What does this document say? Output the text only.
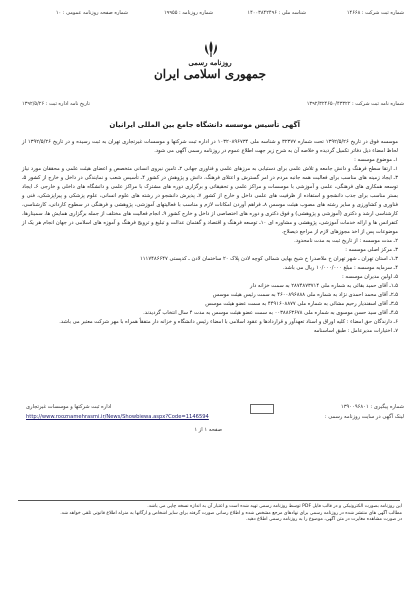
شماره ثبت شرکت : ۱۴۶۶۸
شناسه ملی : ۱۴۰۰۳۸۴۲۴۹۶
شماره روزنامه : ۱۹۹۵۵
شماره صفحه روزنامه عمومی : ۱۰
روزنامه رسمی
جمهوری اسلامی ایران
شماره نامه ثبت شرکت : ۱۳۹۲/۳۲۴۶۵۰/۴۳۳۲۲
تاریخ نامه اداره ثبت : ۱۳۹۲/۵/۲۶
آگهی تأسیس موسسه دانشگاه جامع بین المللی ایرانیان

موسسه فوق در تاریخ ۱۳۹۲/۵/۲۶ تحت شماره ۳۲۳۷۷ و شناسه ملی ۱۰۳۲۰۸۹۶۷۳۴ در اداره ثبت شرکتها و موسسات غیرتجاری تهران به ثبت رسیده و در تاریخ ۱۳۹۲/۵/۲۶ از لحاظ امضاء ذیل دفاتر تکمیل گردیده و خلاصه آن به شرح زیر جهت اطلاع عموم در روزنامه رسمی آگهی می شود.

۱ـ موضوع موسسه :

۱ـ ارتقا سطح فرهنگ و دانش جامعه و تلاش علمی برای دستیابی به مرزهای علمی و فناوری جهانی ۲ـ تامین نیروی انسانی متخصص و اعضای هیئت علمی و محققان مورد نیاز ۳ـ ایجاد زمینه های مناسب برای فعالیت همه جانبه مردم در امر گسترش و اعتلای فرهنگ، دانش و پژوهش در کشور ۴ـ تأسیس شعب و نمایندگی در داخل و خارج از کشور ۵ـ توسعه همکاری های فرهنگی، علمی و آموزشی با موسسات و مراکز علمی و تحقیقاتی و برگزاری دوره های مشترک با مراکز علمی و دانشگاه های داخلی و خارجی ۶ـ ایجاد بستر مناسب برای جذب دانشجو و استفاده از ظرفیت های علمی داخل و خارج از کشور ۷ـ پذیرش دانشجو در رشته های علوم انسانی، علوم پزشکی و پیراپزشکی، فنی و فناوری و کشاورزی و سایر رشته های مصوب هیئت موسس ۸ـ فراهم آوردن امکانات لازم و مناسب با فعالیتهای آموزشی، پژوهشی و فرهنگی در سطوح کاردانی، کارشناسی، کارشناسی ارشد و دکتری (آموزشی و پژوهشی) و فوق دکتری و دوره های اختصاصی از داخل و خارج کشور ۹ـ انجام فعالیت های مختلف از جمله برگزاری همایش ها، سمینارها، کنفرانس ها و ارائه خدمات آموزشی، پژوهشی و مشاوره ای ۱۰ـ توسعه فرهنگ و اقتصاد و گفتمان عدالت و تبلیغ و ترویج فرهنگ و آموزه های اسلامی در جهان انجام هر یک از موضوعات پس از اخذ مجوزهای لازم از مراجع ذیصلاح.

۲ـ مدت موسسه : از تاریخ ثبت به مدت نامحدود.

۳ـ مرکز اصلی موسسه :

۳ـ۱ـ استان تهران ـ شهر تهران خ ملاصدرا خ شیخ بهایی شمالی کوچه لادن پلاک ۲۰ ساختمان لادن ـ کدپستی ۱۱۱۷۴۸۶۶۴۷

۴ـ سرمایه موسسه : مبلغ ۱۰/۰۰۰/۰۰۰ ریال می باشد.

۵ـ اولین مدیران موسسه :

۵ـ۱ـ آقای حمید بقائی به شماره ملی ۲۸۷۴۸۷۳۷۱۴ به سمت خزانه دار

۵ـ۲ـ آقای محمد احمدی نژاد به شماره ملی ۴۶۰۰۸۹۶۸۸۸ به سمت رئیس هیئت موسس

۵ـ۳ـ آقای اسفندیار رحیم مشائی به شماره ملی ۴۴۹۱۶۰۸۸۷۷ به سمت عضو هیئت موسس

۵ـ۴ـ آقای سید حسن موسوی به شماره ملی ۰۰۳۸۸۶۳۶۷۸ به سمت عضو هیئت موسس به مدت ۴ سال انتخاب گردیدند.

۶ـ دارندگان حق امضاء : کلیه اوراق و اسناد تعهدآور و قراردادها و عقود اسلامی با امضاء رئیس دانشگاه و خزانه دار متفقاً همراه با مهر شرکت معتبر می باشد.

۷ـ اختیارات مدیرعامل : طبق اساسنامه

اداره ثبت شرکتها و موسسات غیرتجاری	شماره پیگیری : ۱۳۹۰۰۹۶۸۰۱
لینک آگهی در سایت روزنامه رسمی :
http://www.rooznamehrasmi.ir/News/Showbiewa.aspx?Code=1146594
صفحه ۱ از ۱
این روزنامه بصورت الکترونیکی و در قالب فایل PDF توسط روزنامه رسمی تهیه شده است و اعتبار آن به اندازه نسخه چاپی می باشد.
مطالب آگهی های منتشر شده در روزنامه رسمی برای نهادهای مرجع مشخص شده و اطلاع رسانی صورت گرفته برای سایر اشخاص و ارگانها به منزله اطلاع قانونی تلقی خواهد شد.
در صورت مشاهده مغایرت در متن آگهی، موضوع را به روزنامه رسمی اطلاع دهید.
